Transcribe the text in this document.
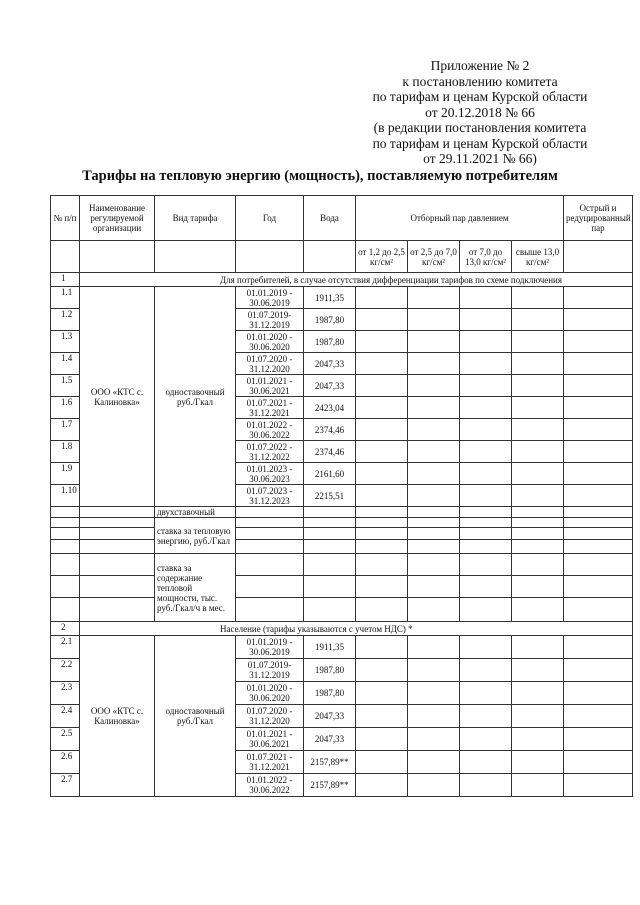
Приложение № 2
к постановлению комитета
по тарифам и ценам Курской области
от 20.12.2018 № 66
(в редакции постановления комитета
по тарифам и ценам Курской области
от 29.11.2021 № 66)
Тарифы на тепловую энергию (мощность), поставляемую потребителям
№ п/п	Наименование регулируемой организации	Вид тарифа	Год	Вода	Отборный пар давлением				Острый и редуцированный пар
					от 1,2 до 2,5 кг/см²	от 2,5 до 7,0 кг/см²	от 7,0 до 13,0 кг/см²	свыше 13,0 кг/см²	
1	Для потребителей, в случае отсутствия дифференциации тарифов по схеме подключения								
1.1	ООО «КТС с. Калиновка»	одноставочный руб./Гкал	01.01.2019 - 30.06.2019	1911,35					
1.2			01.07.2019-31.12.2019	1987,80					
1.3			01.01.2020 - 30.06.2020	1987,80					
1.4			01.07.2020 - 31.12.2020	2047,33					
1.5			01.01.2021 - 30.06.2021	2047,33					
1.6			01.07.2021 - 31.12.2021	2423,04					
1.7			01.01.2022 - 30.06.2022	2374,46					
1.8			01.07.2022 - 31.12.2022	2374,46					
1.9			01.01.2023 - 30.06.2023	2161,60					
1.10			01.07.2023 - 31.12.2023	2215,51					
		двухставочный							
		ставка за тепловую энергию, руб./Гкал							

		ставка за содержание тепловой мощности, тыс. руб./Гкал/ч в мес.							

2	Население (тарифы указываются с учетом НДС) *								
2.1	ООО «КТС с. Калиновка»	одноставочный руб./Гкал	01.01.2019 - 30.06.2019	1911,35					
2.2			01.07.2019-31.12.2019	1987,80					
2.3			01.01.2020 - 30.06.2020	1987,80					
2.4			01.07.2020 - 31.12.2020	2047,33					
2.5			01.01.2021 - 30.06.2021	2047,33					
2.6			01.07.2021 - 31.12.2021	2157,89**					
2.7			01.01.2022 - 30.06.2022	2157,89**					
